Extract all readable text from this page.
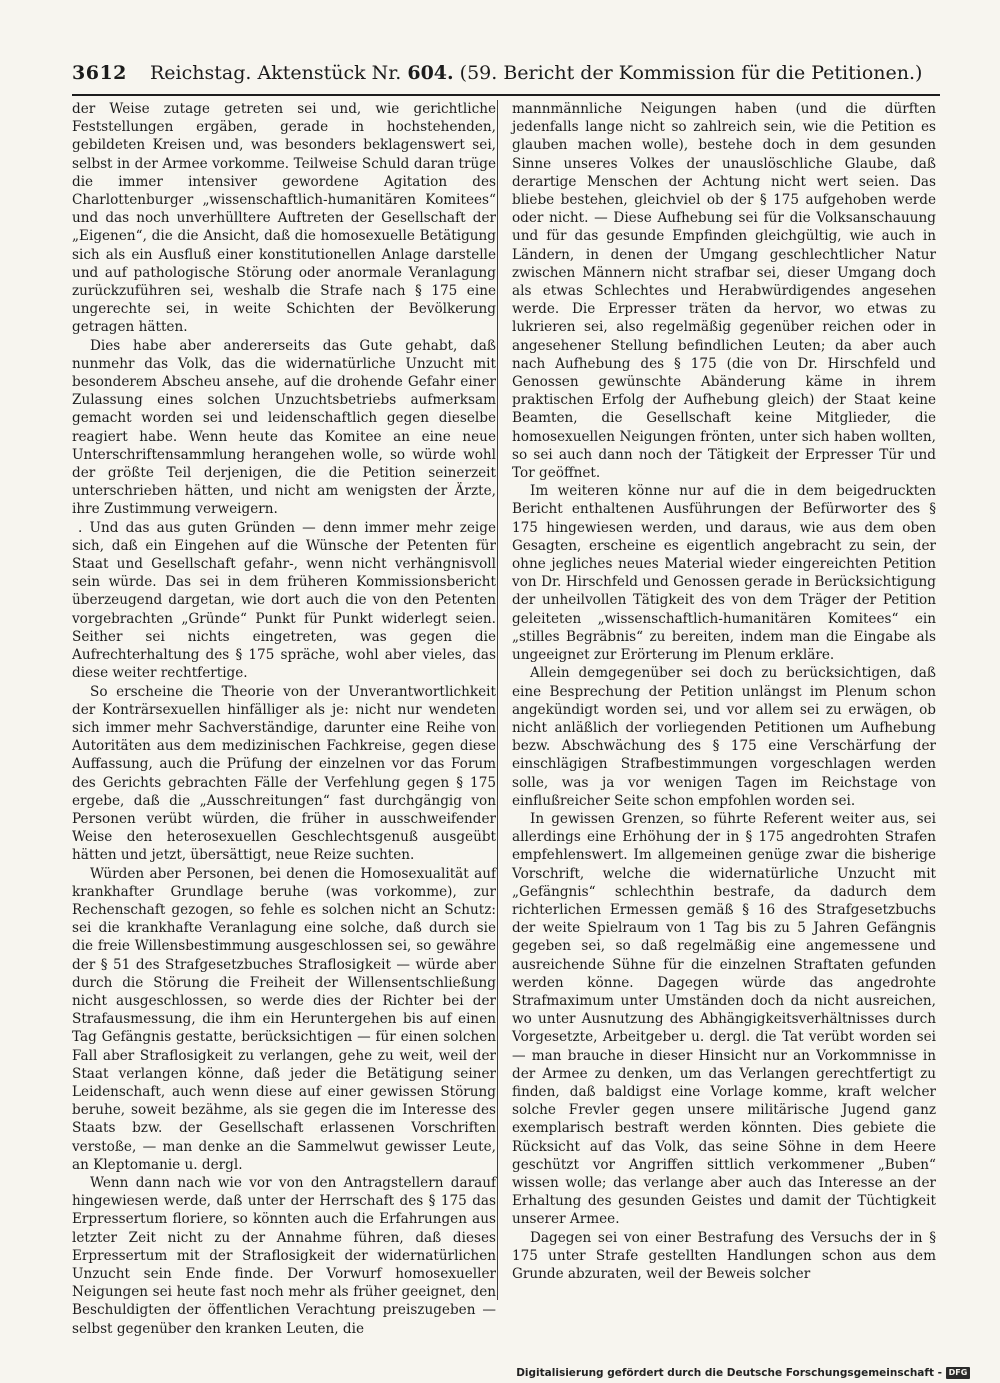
3612 Reichstag. Aktenstück Nr. 604. (59. Bericht der Kommission für die Petitionen.)

der Weise zutage getreten sei und, wie gerichtliche Feststellungen ergäben, gerade in hochstehenden, gebildeten Kreisen und, was besonders beklagenswert sei, selbst in der Armee vorkomme. Teilweise Schuld daran trüge die immer intensiver gewordene Agitation des Charlottenburger „wissenschaftlich-humanitären Komitees“ und das noch unverhülltere Auftreten der Gesellschaft der „Eigenen“, die die Ansicht, daß die homosexuelle Betätigung sich als ein Ausfluß einer konstitutionellen Anlage darstelle und auf pathologische Störung oder anormale Veranlagung zurückzuführen sei, weshalb die Strafe nach § 175 eine ungerechte sei, in weite Schichten der Bevölkerung getragen hätten.

Dies habe aber andererseits das Gute gehabt, daß nunmehr das Volk, das die widernatürliche Unzucht mit besonderem Abscheu ansehe, auf die drohende Gefahr einer Zulassung eines solchen Unzuchtsbetriebs aufmerksam gemacht worden sei und leidenschaftlich gegen dieselbe reagiert habe. Wenn heute das Komitee an eine neue Unterschriftensammlung herangehen wolle, so würde wohl der größte Teil derjenigen, die die Petition seinerzeit unterschrieben hätten, und nicht am wenigsten der Ärzte, ihre Zustimmung verweigern.

. Und das aus guten Gründen — denn immer mehr zeige sich, daß ein Eingehen auf die Wünsche der Petenten für Staat und Gesellschaft gefahr-, wenn nicht verhängnisvoll sein würde. Das sei in dem früheren Kommissionsbericht überzeugend dargetan, wie dort auch die von den Petenten vorgebrachten „Gründe“ Punkt für Punkt widerlegt seien. Seither sei nichts eingetreten, was gegen die Aufrechterhaltung des § 175 spräche, wohl aber vieles, das diese weiter rechtfertige.

So erscheine die Theorie von der Unverantwortlichkeit der Konträrsexuellen hinfälliger als je: nicht nur wendeten sich immer mehr Sachverständige, darunter eine Reihe von Autoritäten aus dem medizinischen Fachkreise, gegen diese Auffassung, auch die Prüfung der einzelnen vor das Forum des Gerichts gebrachten Fälle der Verfehlung gegen § 175 ergebe, daß die „Ausschreitungen“ fast durchgängig von Personen verübt würden, die früher in ausschweifender Weise den heterosexuellen Geschlechtsgenuß ausgeübt hätten und jetzt, übersättigt, neue Reize suchten.

Würden aber Personen, bei denen die Homosexualität auf krankhafter Grundlage beruhe (was vorkomme), zur Rechenschaft gezogen, so fehle es solchen nicht an Schutz: sei die krankhafte Veranlagung eine solche, daß durch sie die freie Willensbestimmung ausgeschlossen sei, so gewähre der § 51 des Strafgesetzbuches Straflosigkeit — würde aber durch die Störung die Freiheit der Willensentschließung nicht ausgeschlossen, so werde dies der Richter bei der Strafausmessung, die ihm ein Heruntergehen bis auf einen Tag Gefängnis gestatte, berücksichtigen — für einen solchen Fall aber Straflosigkeit zu verlangen, gehe zu weit, weil der Staat verlangen könne, daß jeder die Betätigung seiner Leidenschaft, auch wenn diese auf einer gewissen Störung beruhe, soweit bezähme, als sie gegen die im Interesse des Staats bzw. der Gesellschaft erlassenen Vorschriften verstoße, — man denke an die Sammelwut gewisser Leute, an Kleptomanie u. dergl.

Wenn dann nach wie vor von den Antragstellern darauf hingewiesen werde, daß unter der Herrschaft des § 175 das Erpressertum floriere, so könnten auch die Erfahrungen aus letzter Zeit nicht zu der Annahme führen, daß dieses Erpressertum mit der Straflosigkeit der widernatürlichen Unzucht sein Ende finde. Der Vorwurf homosexueller Neigungen sei heute fast noch mehr als früher geeignet, den Beschuldigten der öffentlichen Verachtung preiszugeben — selbst gegenüber den kranken Leuten, die

mannmännliche Neigungen haben (und die dürften jedenfalls lange nicht so zahlreich sein, wie die Petition es glauben machen wolle), bestehe doch in dem gesunden Sinne unseres Volkes der unauslöschliche Glaube, daß derartige Menschen der Achtung nicht wert seien. Das bliebe bestehen, gleichviel ob der § 175 aufgehoben werde oder nicht. — Diese Aufhebung sei für die Volksanschauung und für das gesunde Empfinden gleichgültig, wie auch in Ländern, in denen der Umgang geschlechtlicher Natur zwischen Männern nicht strafbar sei, dieser Umgang doch als etwas Schlechtes und Herabwürdigendes angesehen werde. Die Erpresser träten da hervor, wo etwas zu lukrieren sei, also regelmäßig gegenüber reichen oder in angesehener Stellung befindlichen Leuten; da aber auch nach Aufhebung des § 175 (die von Dr. Hirschfeld und Genossen gewünschte Abänderung käme in ihrem praktischen Erfolg der Aufhebung gleich) der Staat keine Beamten, die Gesellschaft keine Mitglieder, die homosexuellen Neigungen frönten, unter sich haben wollten, so sei auch dann noch der Tätigkeit der Erpresser Tür und Tor geöffnet.

Im weiteren könne nur auf die in dem beigedruckten Bericht enthaltenen Ausführungen der Befürworter des § 175 hingewiesen werden, und daraus, wie aus dem oben Gesagten, erscheine es eigentlich angebracht zu sein, der ohne jegliches neues Material wieder eingereichten Petition von Dr. Hirschfeld und Genossen gerade in Berücksichtigung der unheilvollen Tätigkeit des von dem Träger der Petition geleiteten „wissenschaftlich-humanitären Komitees“ ein „stilles Begräbnis“ zu bereiten, indem man die Eingabe als ungeeignet zur Erörterung im Plenum erkläre.

Allein demgegenüber sei doch zu berücksichtigen, daß eine Besprechung der Petition unlängst im Plenum schon angekündigt worden sei, und vor allem sei zu erwägen, ob nicht anläßlich der vorliegenden Petitionen um Aufhebung bezw. Abschwächung des § 175 eine Verschärfung der einschlägigen Strafbestimmungen vorgeschlagen werden solle, was ja vor wenigen Tagen im Reichstage von einflußreicher Seite schon empfohlen worden sei.

In gewissen Grenzen, so führte Referent weiter aus, sei allerdings eine Erhöhung der in § 175 angedrohten Strafen empfehlenswert. Im allgemeinen genüge zwar die bisherige Vorschrift, welche die widernatürliche Unzucht mit „Gefängnis“ schlechthin bestrafe, da dadurch dem richterlichen Ermessen gemäß § 16 des Strafgesetzbuchs der weite Spielraum von 1 Tag bis zu 5 Jahren Gefängnis gegeben sei, so daß regelmäßig eine angemessene und ausreichende Sühne für die einzelnen Straftaten gefunden werden könne. Dagegen würde das angedrohte Strafmaximum unter Umständen doch da nicht ausreichen, wo unter Ausnutzung des Abhängigkeitsverhältnisses durch Vorgesetzte, Arbeitgeber u. dergl. die Tat verübt worden sei — man brauche in dieser Hinsicht nur an Vorkommnisse in der Armee zu denken, um das Verlangen gerechtfertigt zu finden, daß baldigst eine Vorlage komme, kraft welcher solche Frevler gegen unsere militärische Jugend ganz exemplarisch bestraft werden könnten. Dies gebiete die Rücksicht auf das Volk, das seine Söhne in dem Heere geschützt vor Angriffen sittlich verkommener „Buben“ wissen wolle; das verlange aber auch das Interesse an der Erhaltung des gesunden Geistes und damit der Tüchtigkeit unserer Armee.

Dagegen sei von einer Bestrafung des Versuchs der in § 175 unter Strafe gestellten Handlungen schon aus dem Grunde abzuraten, weil der Beweis solcher

Digitalisierung gefördert durch die Deutsche Forschungsgemeinschaft - DFG
